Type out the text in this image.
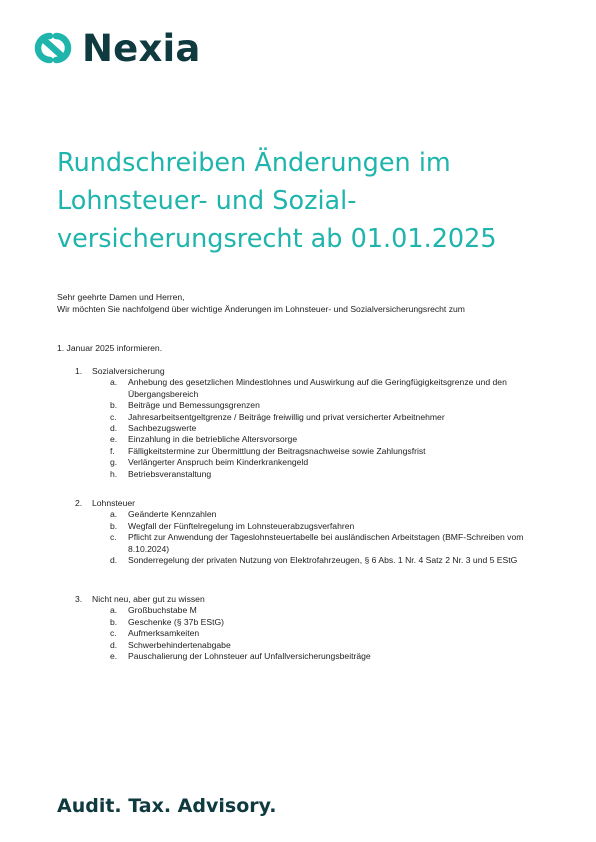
Nexia
Rundschreiben Änderungen im
Lohnsteuer- und Sozial-
versicherungsrecht ab 01.01.2025
Sehr geehrte Damen und Herren,
Wir möchten Sie nachfolgend über wichtige Änderungen im Lohnsteuer- und Sozialversicherungsrecht zum
1. Januar 2025 informieren.
1. Sozialversicherung
a. Anhebung des gesetzlichen Mindestlohnes und Auswirkung auf die Geringfügigkeitsgrenze und den Übergangsbereich
b. Beiträge und Bemessungsgrenzen
c. Jahresarbeitsentgeltgrenze / Beiträge freiwillig und privat versicherter Arbeitnehmer
d. Sachbezugswerte
e. Einzahlung in die betriebliche Altersvorsorge
f. Fälligkeitstermine zur Übermittlung der Beitragsnachweise sowie Zahlungsfrist
g. Verlängerter Anspruch beim Kinderkrankengeld
h. Betriebsveranstaltung
2. Lohnsteuer
a. Geänderte Kennzahlen
b. Wegfall der Fünftelregelung im Lohnsteuerabzugsverfahren
c. Pflicht zur Anwendung der Tageslohnsteuertabelle bei ausländischen Arbeitstagen (BMF-Schreiben vom 8.10.2024)
d. Sonderregelung der privaten Nutzung von Elektrofahrzeugen, § 6 Abs. 1 Nr. 4 Satz 2 Nr. 3 und 5 EStG
3. Nicht neu, aber gut zu wissen
a. Großbuchstabe M
b. Geschenke (§ 37b EStG)
c. Aufmerksamkeiten
d. Schwerbehindertenabgabe
e. Pauschalierung der Lohnsteuer auf Unfallversicherungsbeiträge
Audit. Tax. Advisory.
